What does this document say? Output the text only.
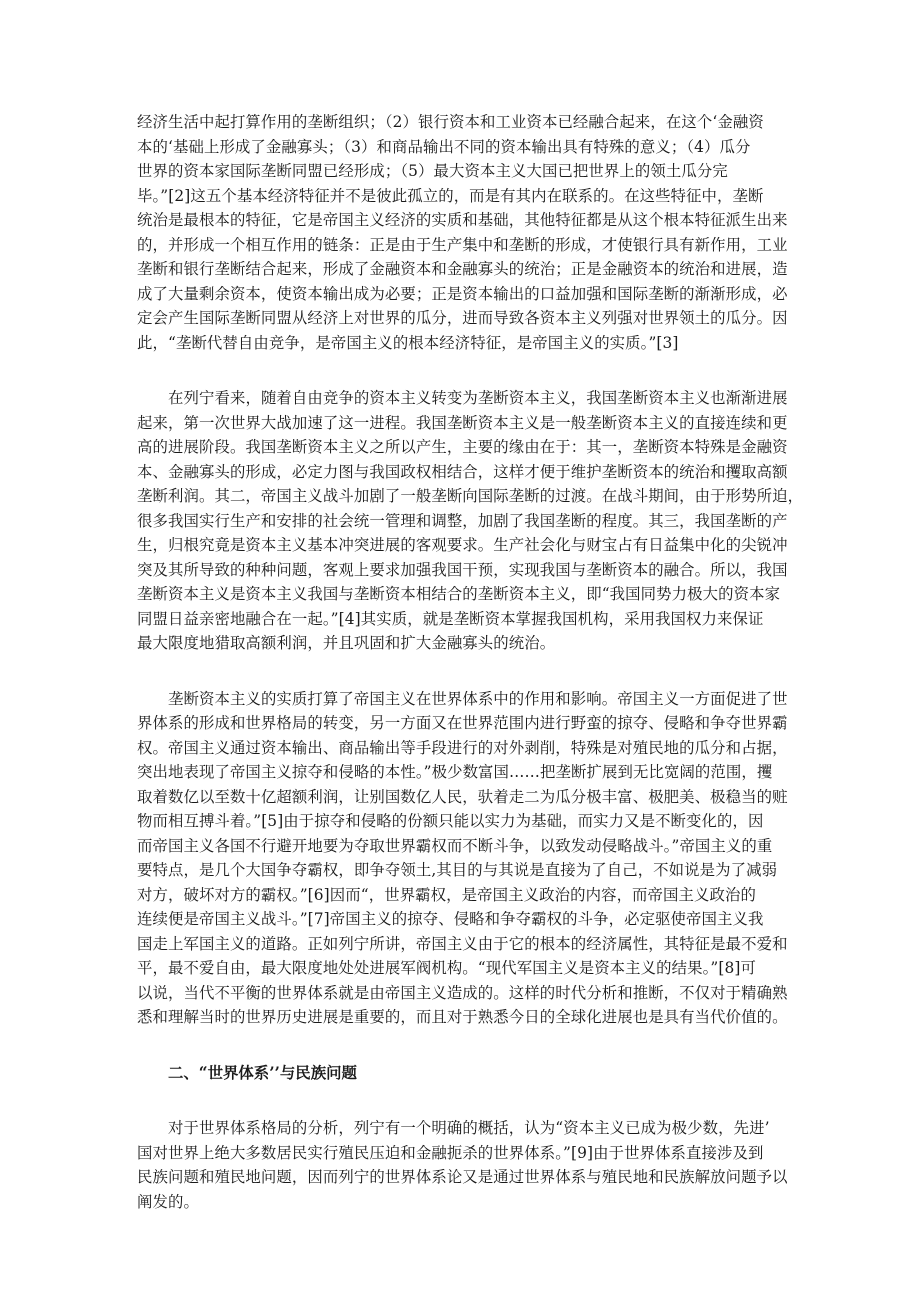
经济生活中起打算作用的垄断组织；（2）银行资本和工业资本已经融合起来，在这个‘金融资
本的‘基础上形成了金融寡头；（3）和商品输出不同的资本输出具有特殊的意义；（4）瓜分
世界的资本家国际垄断同盟已经形成；（5）最大资本主义大国已把世界上的领土瓜分完
毕。”[2]这五个基本经济特征并不是彼此孤立的，而是有其内在联系的。在这些特征中，垄断
统治是最根本的特征，它是帝国主义经济的实质和基础，其他特征都是从这个根本特征派生出来
的，并形成一个相互作用的链条：正是由于生产集中和垄断的形成，才使银行具有新作用，工业
垄断和银行垄断结合起来，形成了金融资本和金融寡头的统治；正是金融资本的统治和进展，造
成了大量剩余资本，使资本输出成为必要；正是资本输出的口益加强和国际垄断的渐渐形成，必
定会产生国际垄断同盟从经济上对世界的瓜分，进而导致各资本主义列强对世界领土的瓜分。因
此，“垄断代替自由竞争，是帝国主义的根本经济特征，是帝国主义的实质。”[3]

在列宁看来，随着自由竞争的资本主义转变为垄断资本主义，我国垄断资本主义也渐渐进展
起来，第一次世界大战加速了这一进程。我国垄断资本主义是一般垄断资本主义的直接连续和更
高的进展阶段。我国垄断资本主义之所以产生，主要的缘由在于：其一，垄断资本特殊是金融资
本、金融寡头的形成，必定力图与我国政权相结合，这样才便于维护垄断资本的统治和攫取高额
垄断利润。其二，帝国主义战斗加剧了一般垄断向国际垄断的过渡。在战斗期间，由于形势所迫，
很多我国实行生产和安排的社会统一管理和调整，加剧了我国垄断的程度。其三，我国垄断的产
生，归根究竟是资本主义基本冲突进展的客观要求。生产社会化与财宝占有日益集中化的尖锐冲
突及其所导致的种种问题，客观上要求加强我国干预，实现我国与垄断资本的融合。所以，我国
垄断资本主义是资本主义我国与垄断资本相结合的垄断资本主义，即“我国同势力极大的资本家
同盟日益亲密地融合在一起。”[4]其实质，就是垄断资本掌握我国机构，采用我国权力来保证
最大限度地猎取高额利润，并且巩固和扩大金融寡头的统治。

垄断资本主义的实质打算了帝国主义在世界体系中的作用和影响。帝国主义一方面促进了世
界体系的形成和世界格局的转变，另一方面又在世界范围内进行野蛮的掠夺、侵略和争夺世界霸
权。帝国主义通过资本输出、商品输出等手段进行的对外剥削，特殊是对殖民地的瓜分和占据，
突出地表现了帝国主义掠夺和侵略的本性。”极少数富国……把垄断扩展到无比宽阔的范围，攫
取着数亿以至数十亿超额利润，让别国数亿人民，驮着走二为瓜分极丰富、极肥美、极稳当的赃
物而相互搏斗着。”[5]由于掠夺和侵略的份额只能以实力为基础，而实力又是不断变化的，因
而帝国主义各国不行避开地要为夺取世界霸权而不断斗争，以致发动侵略战斗。”帝国主义的重
要特点，是几个大国争夺霸权，即争夺领土,其目的与其说是直接为了自己，不如说是为了减弱
对方，破坏对方的霸权。”[6]因而“，世界霸权，是帝国主义政治的内容，而帝国主义政治的
连续便是帝国主义战斗。”[7]帝国主义的掠夺、侵略和争夺霸权的斗争，必定驱使帝国主义我
国走上军国主义的道路。正如列宁所讲，帝国主义由于它的根本的经济属性，其特征是最不爱和
平，最不爱自由，最大限度地处处进展军阀机构。“现代军国主义是资本主义的结果。”[8]可
以说，当代不平衡的世界体系就是由帝国主义造成的。这样的时代分析和推断，不仅对于精确熟
悉和理解当时的世界历史进展是重要的，而且对于熟悉今日的全球化进展也是具有当代价值的。

二、“世界体系’’与民族问题

对于世界体系格局的分析，列宁有一个明确的概括，认为“资本主义已成为极少数，先进’
国对世界上绝大多数居民实行殖民压迫和金融扼杀的世界体系。”[9]由于世界体系直接涉及到
民族问题和殖民地问题，因而列宁的世界体系论又是通过世界体系与殖民地和民族解放问题予以
阐发的。
